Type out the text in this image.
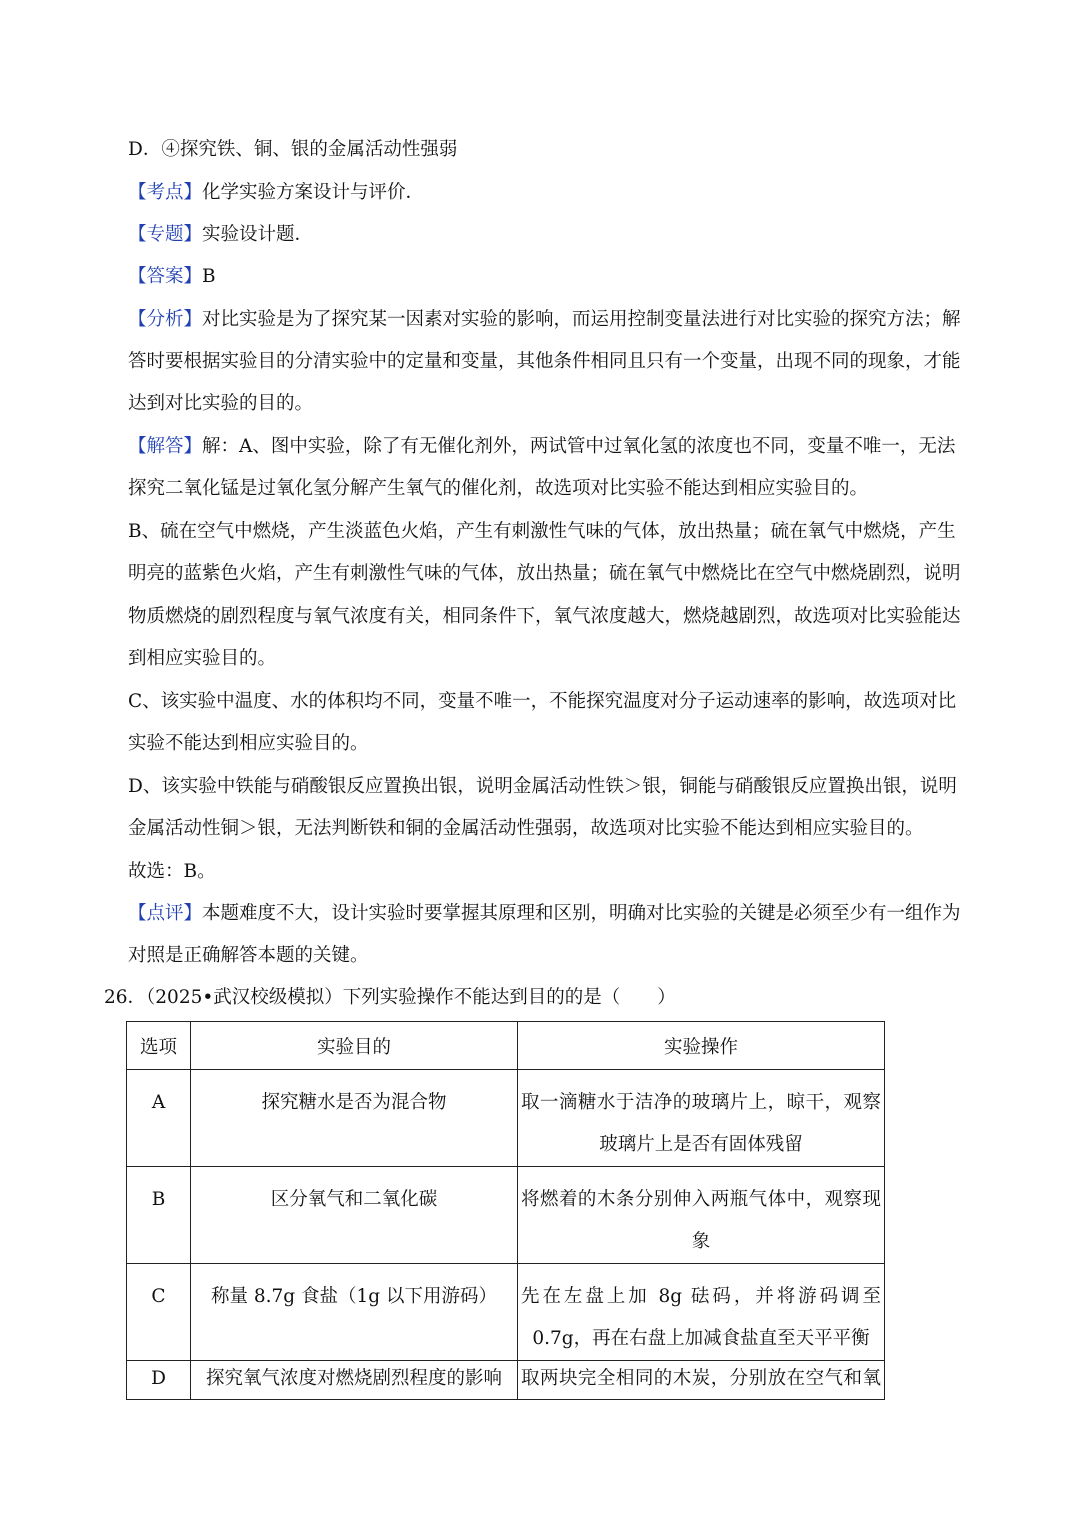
D．④探究铁、铜、银的金属活动性强弱
【考点】化学实验方案设计与评价．
【专题】实验设计题．
【答案】B
【分析】对比实验是为了探究某一因素对实验的影响，而运用控制变量法进行对比实验的探究方法；解
答时要根据实验目的分清实验中的定量和变量，其他条件相同且只有一个变量，出现不同的现象，才能
达到对比实验的目的。
【解答】解：A、图中实验，除了有无催化剂外，两试管中过氧化氢的浓度也不同，变量不唯一，无法
探究二氧化锰是过氧化氢分解产生氧气的催化剂，故选项对比实验不能达到相应实验目的。
B、硫在空气中燃烧，产生淡蓝色火焰，产生有刺激性气味的气体，放出热量；硫在氧气中燃烧，产生
明亮的蓝紫色火焰，产生有刺激性气味的气体，放出热量；硫在氧气中燃烧比在空气中燃烧剧烈，说明
物质燃烧的剧烈程度与氧气浓度有关，相同条件下，氧气浓度越大，燃烧越剧烈，故选项对比实验能达
到相应实验目的。
C、该实验中温度、水的体积均不同，变量不唯一，不能探究温度对分子运动速率的影响，故选项对比
实验不能达到相应实验目的。
D、该实验中铁能与硝酸银反应置换出银，说明金属活动性铁＞银，铜能与硝酸银反应置换出银，说明
金属活动性铜＞银，无法判断铁和铜的金属活动性强弱，故选项对比实验不能达到相应实验目的。
故选：B。
【点评】本题难度不大，设计实验时要掌握其原理和区别，明确对比实验的关键是必须至少有一组作为
对照是正确解答本题的关键。
26．（2025•武汉校级模拟）下列实验操作不能达到目的的是（　　）
选项	实验目的	实验操作

A	探究糖水是否为混合物	取一滴糖水于洁净的玻璃片上，晾干，观察玻璃片上是否有固体残留

B	区分氧气和二氧化碳	将燃着的木条分别伸入两瓶气体中，观察现象

C	称量 8.7g 食盐（1g 以下用游码）	先在左盘上加 8g 砝码，并将游码调至 0.7g，再在右盘上加减食盐直至天平平衡

D	探究氧气浓度对燃烧剧烈程度的影响	取两块完全相同的木炭，分别放在空气和氧
